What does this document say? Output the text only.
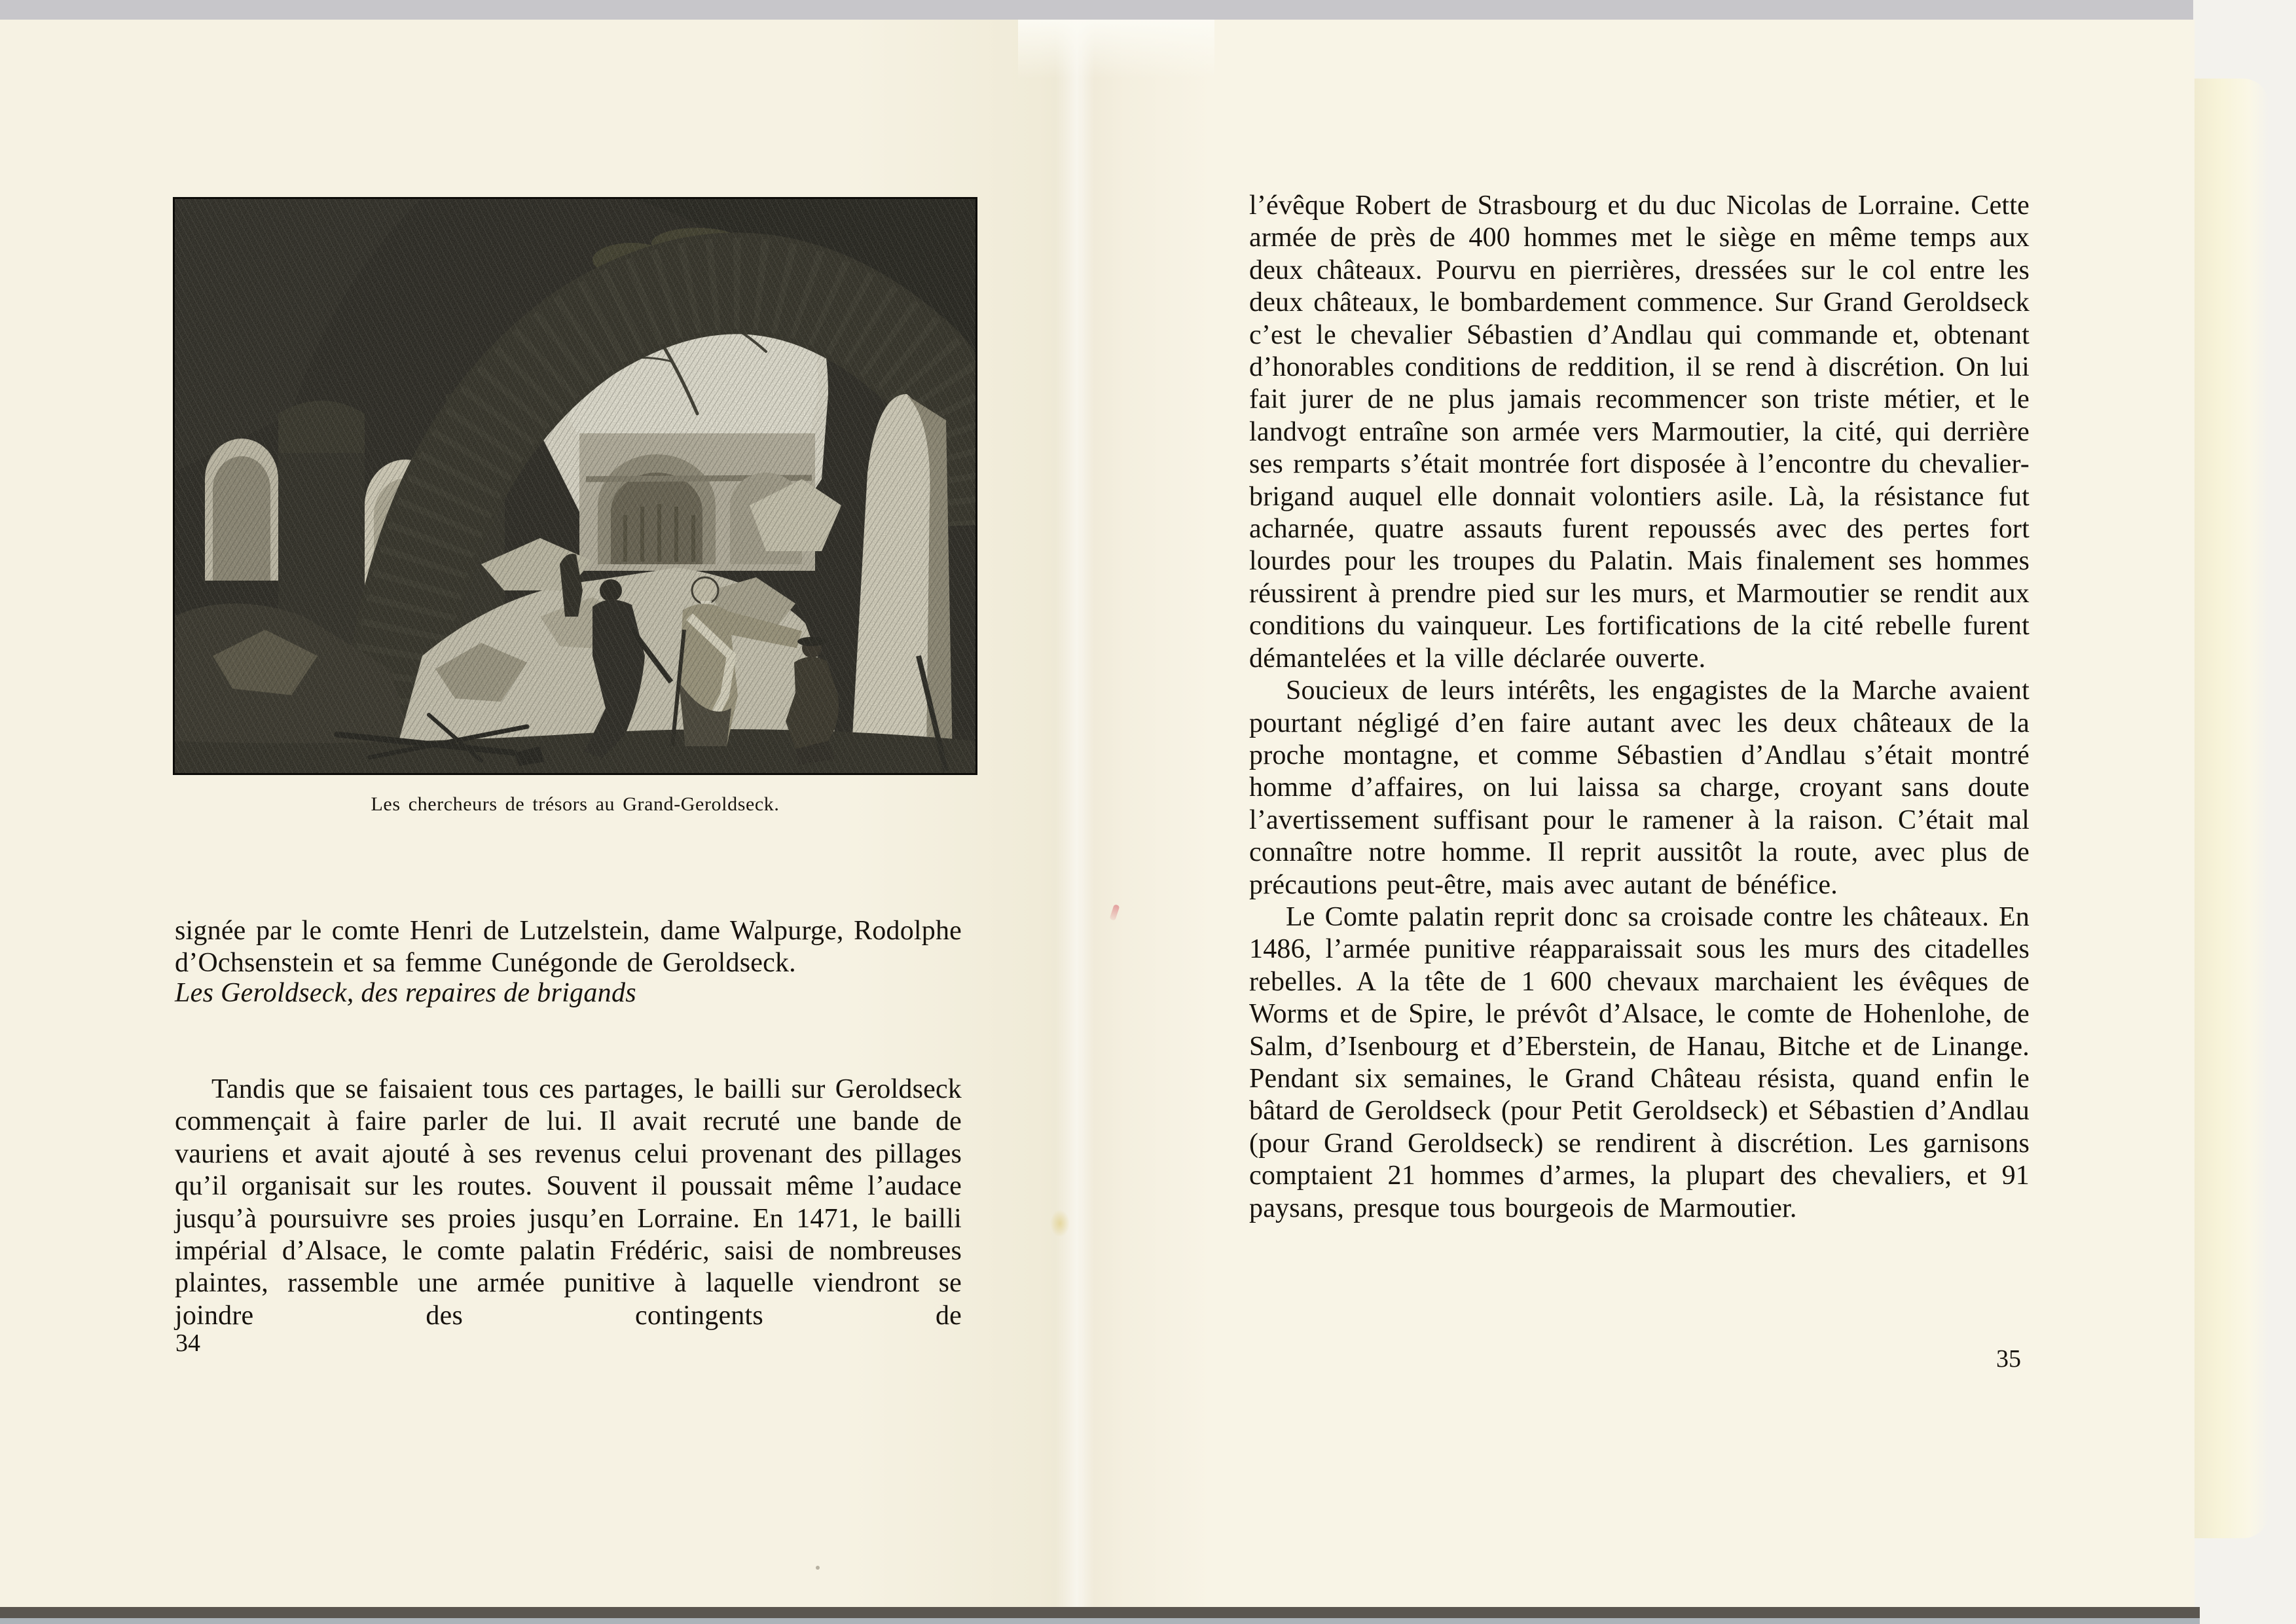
Les chercheurs de trésors au Grand-Geroldseck.

signée par le comte Henri de Lutzelstein, dame Walpurge, Rodolphe d’Ochsenstein et sa femme Cunégonde de Geroldseck.

Les Geroldseck, des repaires de brigands

Tandis que se faisaient tous ces partages, le bailli sur Geroldseck commençait à faire parler de lui. Il avait recruté une bande de vauriens et avait ajouté à ses revenus celui provenant des pillages qu’il organisait sur les routes. Souvent il poussait même l’audace jusqu’à poursuivre ses proies jusqu’en Lorraine. En 1471, le bailli impérial d’Alsace, le comte palatin Frédéric, saisi de nombreuses plaintes, rassemble une armée punitive à laquelle viendront se joindre des contingents de

34

l’évêque Robert de Strasbourg et du duc Nicolas de Lorraine. Cette armée de près de 400 hommes met le siège en même temps aux deux châteaux. Pourvu en pierrières, dressées sur le col entre les deux châteaux, le bombardement commence. Sur Grand Geroldseck c’est le chevalier Sébastien d’Andlau qui commande et, obtenant d’honorables conditions de reddition, il se rend à discrétion. On lui fait jurer de ne plus jamais recommencer son triste métier, et le landvogt entraîne son armée vers Marmoutier, la cité, qui derrière ses remparts s’était montrée fort disposée à l’encontre du chevalier-brigand auquel elle donnait volontiers asile. Là, la résistance fut acharnée, quatre assauts furent repoussés avec des pertes fort lourdes pour les troupes du Palatin. Mais finalement ses hommes réussirent à prendre pied sur les murs, et Marmoutier se rendit aux conditions du vainqueur. Les fortifications de la cité rebelle furent démantelées et la ville déclarée ouverte.

Soucieux de leurs intérêts, les engagistes de la Marche avaient pourtant négligé d’en faire autant avec les deux châteaux de la proche montagne, et comme Sébastien d’Andlau s’était montré homme d’affaires, on lui laissa sa charge, croyant sans doute l’avertissement suffisant pour le ramener à la raison. C’était mal connaître notre homme. Il reprit aussitôt la route, avec plus de précautions peut-être, mais avec autant de bénéfice.

Le Comte palatin reprit donc sa croisade contre les châteaux. En 1486, l’armée punitive réapparaissait sous les murs des citadelles rebelles. A la tête de 1 600 chevaux marchaient les évêques de Worms et de Spire, le prévôt d’Alsace, le comte de Hohenlohe, de Salm, d’Isenbourg et d’Eberstein, de Hanau, Bitche et de Linange. Pendant six semaines, le Grand Château résista, quand enfin le bâtard de Geroldseck (pour Petit Geroldseck) et Sébastien d’Andlau (pour Grand Geroldseck) se rendirent à discrétion. Les garnisons comptaient 21 hommes d’armes, la plupart des chevaliers, et 91 paysans, presque tous bourgeois de Marmoutier.

35
